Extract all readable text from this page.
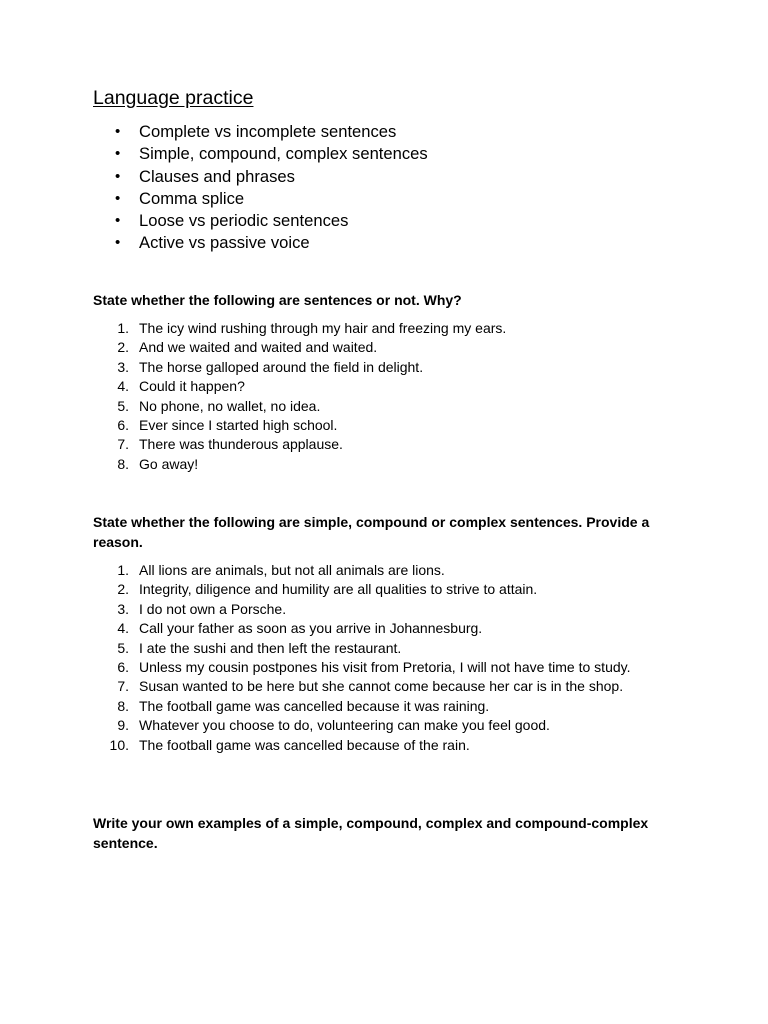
Language practice
• Complete vs incomplete sentences
• Simple, compound, complex sentences
• Clauses and phrases
• Comma splice
• Loose vs periodic sentences
• Active vs passive voice
State whether the following are sentences or not. Why?
1. The icy wind rushing through my hair and freezing my ears.
2. And we waited and waited and waited.
3. The horse galloped around the field in delight.
4. Could it happen?
5. No phone, no wallet, no idea.
6. Ever since I started high school.
7. There was thunderous applause.
8. Go away!
State whether the following are simple, compound or complex sentences. Provide a reason.
1. All lions are animals, but not all animals are lions.
2. Integrity, diligence and humility are all qualities to strive to attain.
3. I do not own a Porsche.
4. Call your father as soon as you arrive in Johannesburg.
5. I ate the sushi and then left the restaurant.
6. Unless my cousin postpones his visit from Pretoria, I will not have time to study.
7. Susan wanted to be here but she cannot come because her car is in the shop.
8. The football game was cancelled because it was raining.
9. Whatever you choose to do, volunteering can make you feel good.
10. The football game was cancelled because of the rain.
Write your own examples of a simple, compound, complex and compound-complex sentence.
